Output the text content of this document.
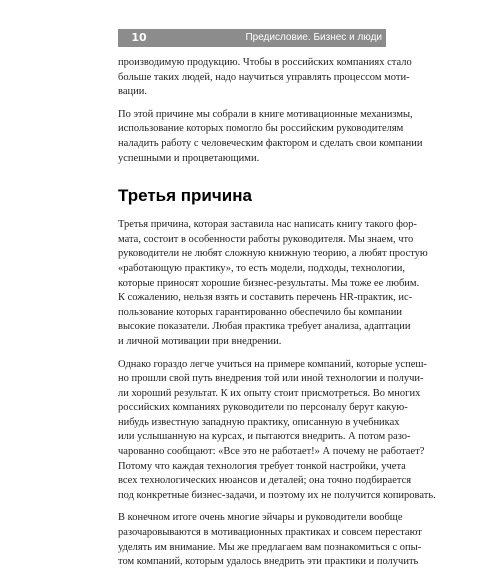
10	Предисловие. Бизнес и люди

производимую продукцию. Чтобы в российских компаниях стало
больше таких людей, надо научиться управлять процессом моти-
вации.

По этой причине мы собрали в книге мотивационные механизмы,
использование которых помогло бы российским руководителям
наладить работу с человеческим фактором и сделать свои компании
успешными и процветающими.

Третья причина

Третья причина, которая заставила нас написать книгу такого фор-
мата, состоит в особенности работы руководителя. Мы знаем, что
руководители не любят сложную книжную теорию, а любят простую
«работающую практику», то есть модели, подходы, технологии,
которые приносят хорошие бизнес-результаты. Мы тоже ее любим.
К сожалению, нельзя взять и составить перечень HR-практик, ис-
пользование которых гарантированно обеспечило бы компании
высокие показатели. Любая практика требует анализа, адаптации
и личной мотивации при внедрении.

Однако гораздо легче учиться на примере компаний, которые успеш-
но прошли свой путь внедрения той или иной технологии и получи-
ли хороший результат. К их опыту стоит присмотреться. Во многих
российских компаниях руководители по персоналу берут какую-
нибудь известную западную практику, описанную в учебниках
или услышанную на курсах, и пытаются внедрить. А потом разо-
чарованно сообщают: «Все это не работает!» А почему не работает?
Потому что каждая технология требует тонкой настройки, учета
всех технологических нюансов и деталей; она точно подбирается
под конкретные бизнес-задачи, и поэтому их не получится копировать.

В конечном итоге очень многие эйчары и руководители вообще
разочаровываются в мотивационных практиках и совсем перестают
уделять им внимание. Мы же предлагаем вам познакомиться с опы-
том компаний, которым удалось внедрить эти практики и получить
